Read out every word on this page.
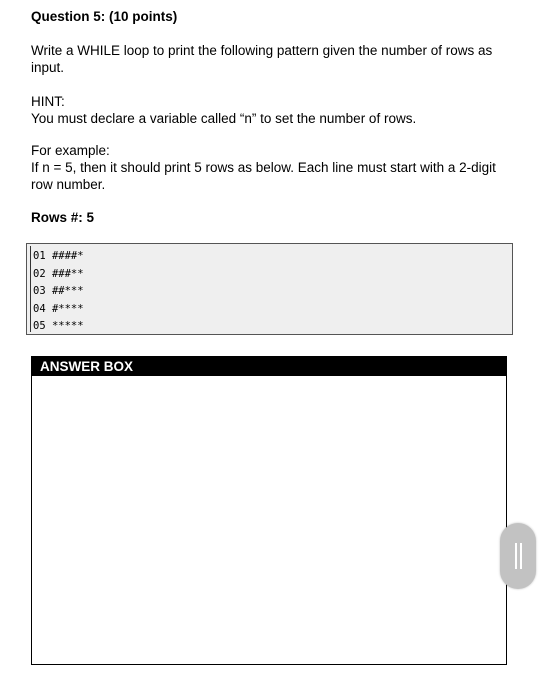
Question 5: (10 points)
Write a WHILE loop to print the following pattern given the number of rows as
input.
HINT:
You must declare a variable called “n” to set the number of rows.
For example:
If n = 5, then it should print 5 rows as below. Each line must start with a 2-digit
row number.
Rows #: 5
01 ####*
02 ###**
03 ##***
04 #****
05 *****
ANSWER BOX
